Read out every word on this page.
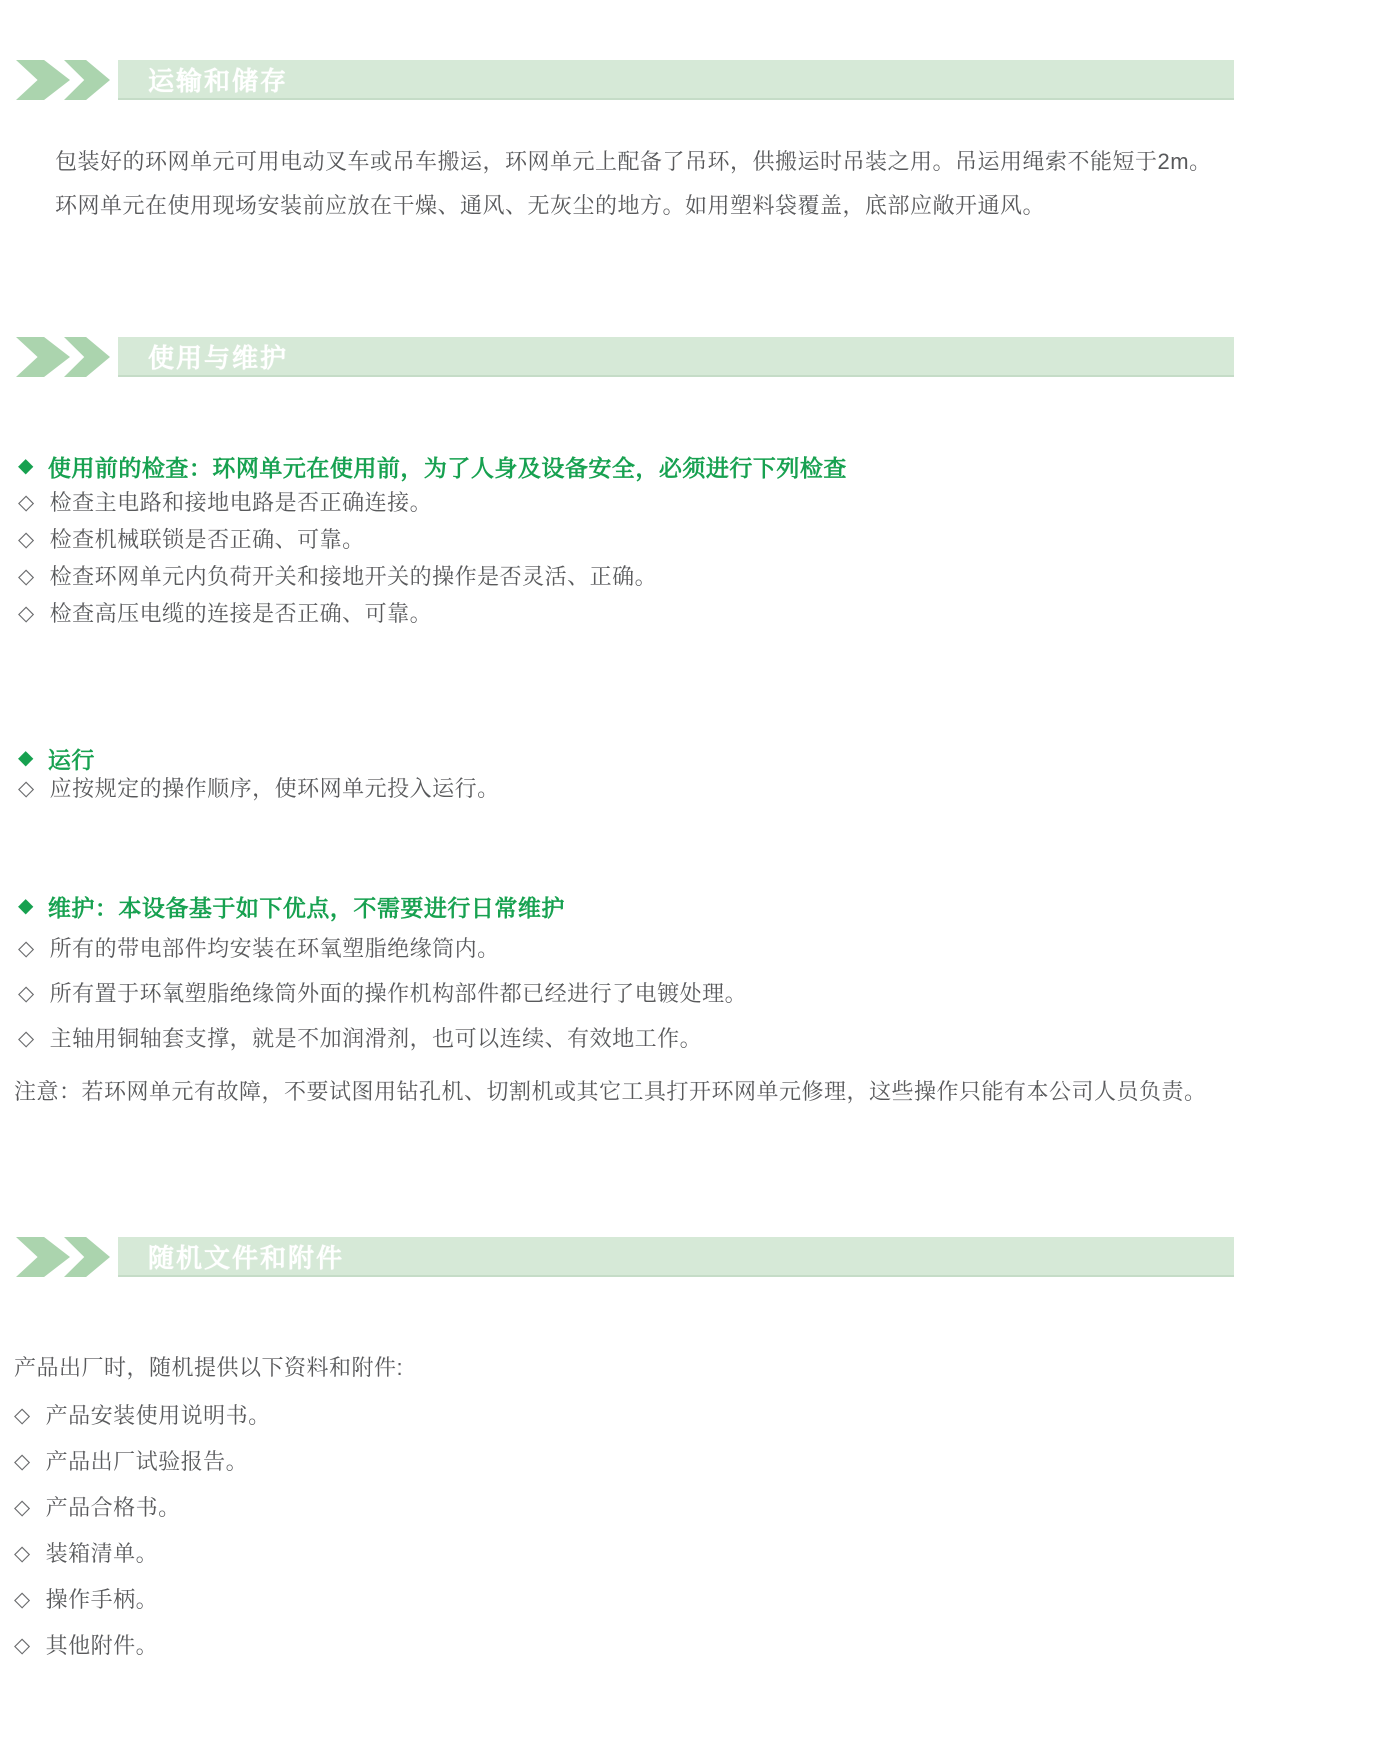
运输和储存

包装好的环网单元可用电动叉车或吊车搬运，环网单元上配备了吊环，供搬运时吊装之用。吊运用绳索不能短于2m。

环网单元在使用现场安装前应放在干燥、通风、无灰尘的地方。如用塑料袋覆盖，底部应敞开通风。

使用与维护
◆ 使用前的检查：环网单元在使用前，为了人身及设备安全，必须进行下列检查
◇ 检查主电路和接地电路是否正确连接。
◇ 检查机械联锁是否正确、可靠。
◇ 检查环网单元内负荷开关和接地开关的操作是否灵活、正确。
◇ 检查高压电缆的连接是否正确、可靠。
◆ 运行
◇ 应按规定的操作顺序，使环网单元投入运行。
◆ 维护：本设备基于如下优点，不需要进行日常维护
◇ 所有的带电部件均安装在环氧塑脂绝缘筒内。
◇ 所有置于环氧塑脂绝缘筒外面的操作机构部件都已经进行了电镀处理。
◇ 主轴用铜轴套支撑，就是不加润滑剂，也可以连续、有效地工作。
注意：若环网单元有故障，不要试图用钻孔机、切割机或其它工具打开环网单元修理，这些操作只能有本公司人员负责。
随机文件和附件
产品出厂时，随机提供以下资料和附件:
◇ 产品安装使用说明书。
◇ 产品出厂试验报告。
◇ 产品合格书。
◇ 装箱清单。
◇ 操作手柄。
◇ 其他附件。
